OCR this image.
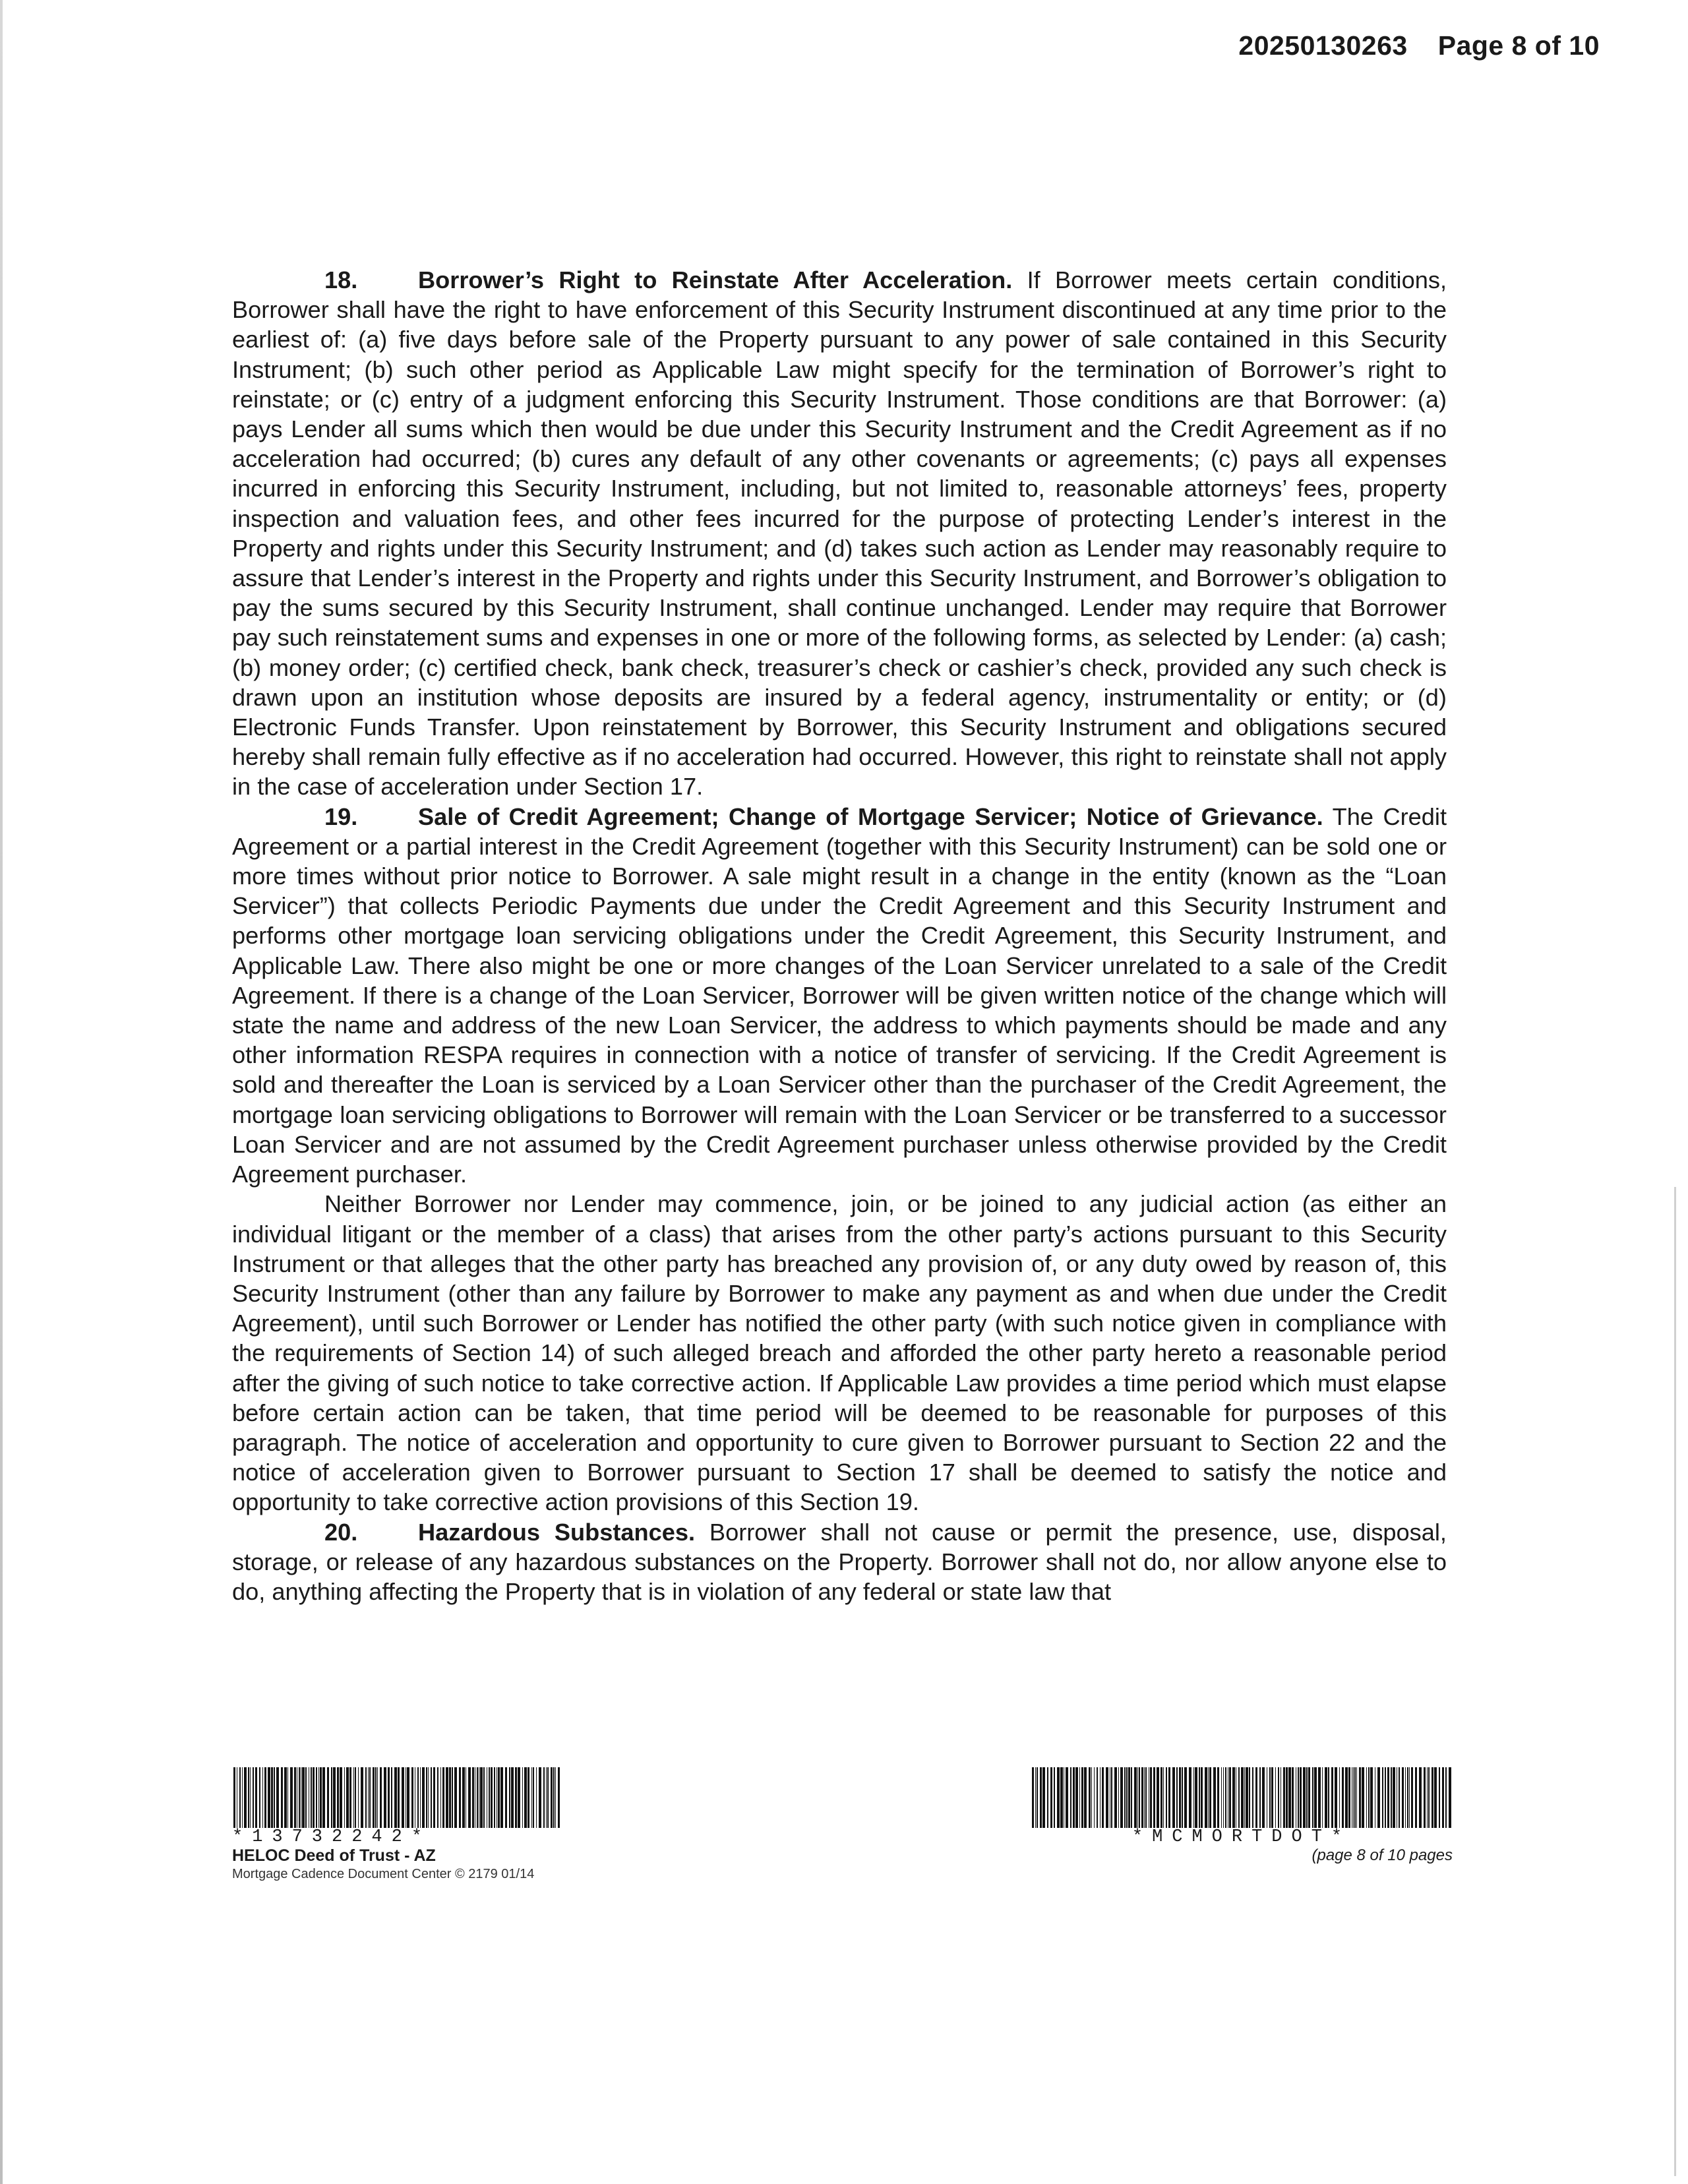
20250130263 Page 8 of 10

18.	Borrower’s Right to Reinstate After Acceleration. If Borrower meets certain conditions, Borrower shall have the right to have enforcement of this Security Instrument discontinued at any time prior to the earliest of: (a) five days before sale of the Property pursuant to any power of sale contained in this Security Instrument; (b) such other period as Applicable Law might specify for the termination of Borrower’s right to reinstate; or (c) entry of a judgment enforcing this Security Instrument. Those conditions are that Borrower: (a) pays Lender all sums which then would be due under this Security Instrument and the Credit Agreement as if no acceleration had occurred; (b) cures any default of any other covenants or agreements; (c) pays all expenses incurred in enforcing this Security Instrument, including, but not limited to, reasonable attorneys’ fees, property inspection and valuation fees, and other fees incurred for the purpose of protecting Lender’s interest in the Property and rights under this Security Instrument; and (d) takes such action as Lender may reasonably require to assure that Lender’s interest in the Property and rights under this Security Instrument, and Borrower’s obligation to pay the sums secured by this Security Instrument, shall continue unchanged. Lender may require that Borrower pay such reinstatement sums and expenses in one or more of the following forms, as selected by Lender: (a) cash; (b) money order; (c) certified check, bank check, treasurer’s check or cashier’s check, provided any such check is drawn upon an institution whose deposits are insured by a federal agency, instrumentality or entity; or (d) Electronic Funds Transfer. Upon reinstatement by Borrower, this Security Instrument and obligations secured hereby shall remain fully effective as if no acceleration had occurred. However, this right to reinstate shall not apply in the case of acceleration under Section 17.

19.	Sale of Credit Agreement; Change of Mortgage Servicer; Notice of Grievance. The Credit Agreement or a partial interest in the Credit Agreement (together with this Security Instrument) can be sold one or more times without prior notice to Borrower. A sale might result in a change in the entity (known as the “Loan Servicer”) that collects Periodic Payments due under the Credit Agreement and this Security Instrument and performs other mortgage loan servicing obligations under the Credit Agreement, this Security Instrument, and Applicable Law. There also might be one or more changes of the Loan Servicer unrelated to a sale of the Credit Agreement. If there is a change of the Loan Servicer, Borrower will be given written notice of the change which will state the name and address of the new Loan Servicer, the address to which payments should be made and any other information RESPA requires in connection with a notice of transfer of servicing. If the Credit Agreement is sold and thereafter the Loan is serviced by a Loan Servicer other than the purchaser of the Credit Agreement, the mortgage loan servicing obligations to Borrower will remain with the Loan Servicer or be transferred to a successor Loan Servicer and are not assumed by the Credit Agreement purchaser unless otherwise provided by the Credit Agreement purchaser.

Neither Borrower nor Lender may commence, join, or be joined to any judicial action (as either an individual litigant or the member of a class) that arises from the other party’s actions pursuant to this Security Instrument or that alleges that the other party has breached any provision of, or any duty owed by reason of, this Security Instrument (other than any failure by Borrower to make any payment as and when due under the Credit Agreement), until such Borrower or Lender has notified the other party (with such notice given in compliance with the requirements of Section 14) of such alleged breach and afforded the other party hereto a reasonable period after the giving of such notice to take corrective action. If Applicable Law provides a time period which must elapse before certain action can be taken, that time period will be deemed to be reasonable for purposes of this paragraph. The notice of acceleration and opportunity to cure given to Borrower pursuant to Section 22 and the notice of acceleration given to Borrower pursuant to Section 17 shall be deemed to satisfy the notice and opportunity to take corrective action provisions of this Section 19.

20.	Hazardous Substances. Borrower shall not cause or permit the presence, use, disposal, storage, or release of any hazardous substances on the Property. Borrower shall not do, nor allow anyone else to do, anything affecting the Property that is in violation of any federal or state law that

*13732242*
HELOC Deed of Trust - AZ
Mortgage Cadence Document Center © 2179 01/14
*MCMORTDOT*
(page 8 of 10 pages
